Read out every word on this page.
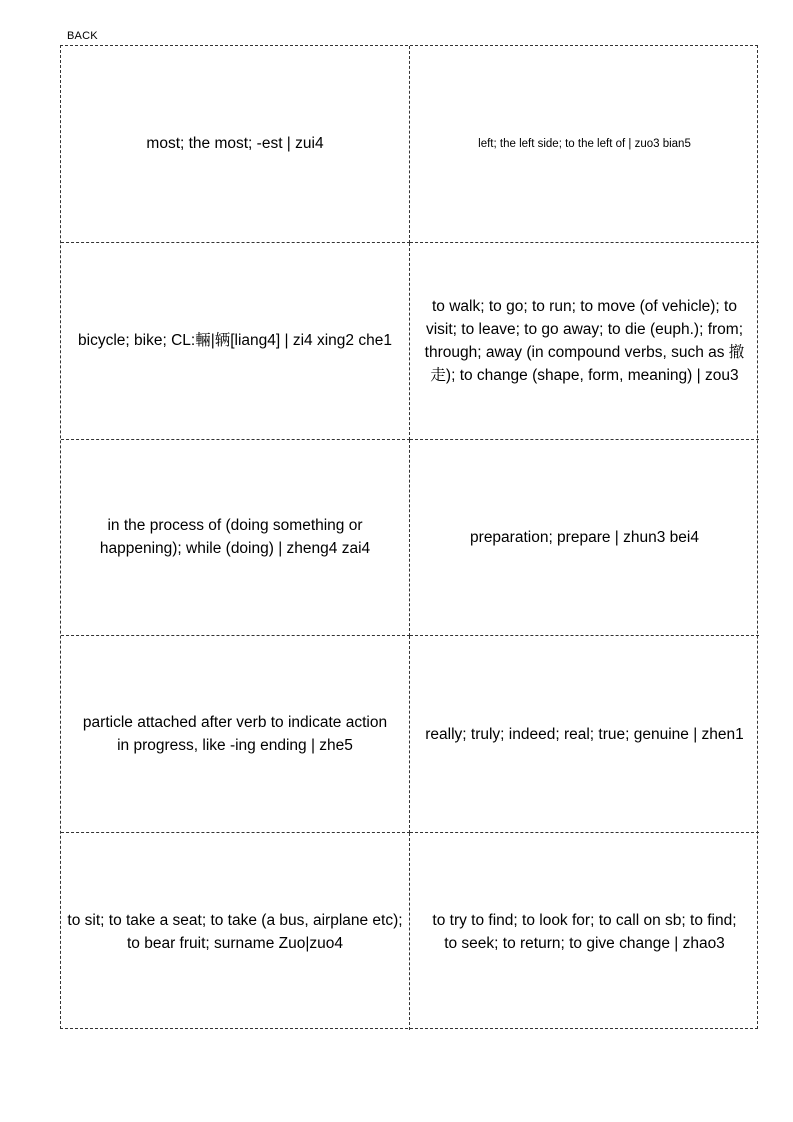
BACK
most; the most; -est | zui4	left; the left side; to the left of | zuo3 bian5
bicycle; bike; CL:輛|辆[liang4] | zi4 xing2 che1
to walk; to go; to run; to move (of vehicle); to visit; to leave; to go away; to die (euph.); from; through; away (in compound verbs, such as 撤走); to change (shape, form, meaning) | zou3
in the process of (doing something or happening); while (doing) | zheng4 zai4
preparation; prepare | zhun3 bei4
particle attached after verb to indicate action in progress, like -ing ending | zhe5
really; truly; indeed; real; true; genuine | zhen1
to sit; to take a seat; to take (a bus, airplane etc); to bear fruit; surname Zuo|zuo4
to try to find; to look for; to call on sb; to find; to seek; to return; to give change | zhao3
